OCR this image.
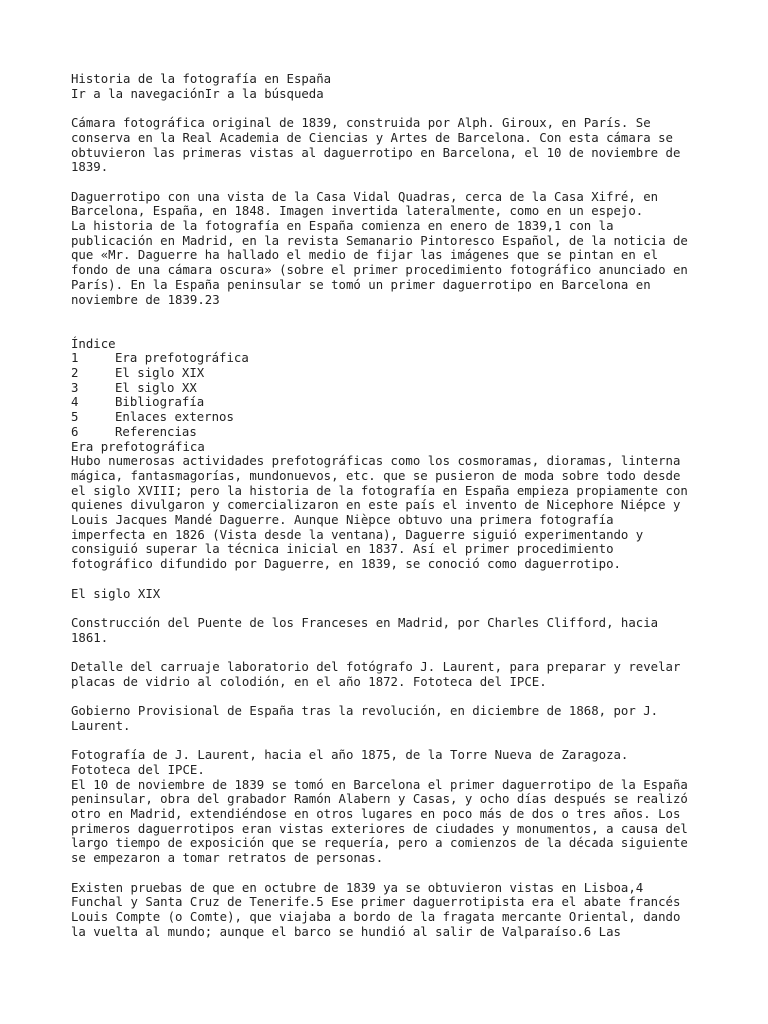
Historia de la fotografía en España
Ir a la navegaciónIr a la búsqueda
Cámara fotográfica original de 1839, construida por Alph. Giroux, en París. Se
conserva en la Real Academia de Ciencias y Artes de Barcelona. Con esta cámara se
obtuvieron las primeras vistas al daguerrotipo en Barcelona, el 10 de noviembre de
1839.
Daguerrotipo con una vista de la Casa Vidal Quadras, cerca de la Casa Xifré, en
Barcelona, España, en 1848. Imagen invertida lateralmente, como en un espejo.
La historia de la fotografía en España comienza en enero de 1839,1 con la
publicación en Madrid, en la revista Semanario Pintoresco Español, de la noticia de
que «Mr. Daguerre ha hallado el medio de fijar las imágenes que se pintan en el
fondo de una cámara oscura» (sobre el primer procedimiento fotográfico anunciado en
París). En la España peninsular se tomó un primer daguerrotipo en Barcelona en
noviembre de 1839.23
Índice
1	Era prefotográfica
2	El siglo XIX
3	El siglo XX
4	Bibliografía
5	Enlaces externos
6	Referencias
Era prefotográfica
Hubo numerosas actividades prefotográficas como los cosmoramas, dioramas, linterna
mágica, fantasmagorías, mundonuevos, etc. que se pusieron de moda sobre todo desde
el siglo XVIII; pero la historia de la fotografía en España empieza propiamente con
quienes divulgaron y comercializaron en este país el invento de Nicephore Niépce y
Louis Jacques Mandé Daguerre. Aunque Nièpce obtuvo una primera fotografía
imperfecta en 1826 (Vista desde la ventana), Daguerre siguió experimentando y
consiguió superar la técnica inicial en 1837. Así el primer procedimiento
fotográfico difundido por Daguerre, en 1839, se conoció como daguerrotipo.
El siglo XIX
Construcción del Puente de los Franceses en Madrid, por Charles Clifford, hacia
1861.
Detalle del carruaje laboratorio del fotógrafo J. Laurent, para preparar y revelar
placas de vidrio al colodión, en el año 1872. Fototeca del IPCE.
Gobierno Provisional de España tras la revolución, en diciembre de 1868, por J.
Laurent.
Fotografía de J. Laurent, hacia el año 1875, de la Torre Nueva de Zaragoza.
Fototeca del IPCE.
El 10 de noviembre de 1839 se tomó en Barcelona el primer daguerrotipo de la España
peninsular, obra del grabador Ramón Alabern y Casas, y ocho días después se realizó
otro en Madrid, extendiéndose en otros lugares en poco más de dos o tres años. Los
primeros daguerrotipos eran vistas exteriores de ciudades y monumentos, a causa del
largo tiempo de exposición que se requería, pero a comienzos de la década siguiente
se empezaron a tomar retratos de personas.
Existen pruebas de que en octubre de 1839 ya se obtuvieron vistas en Lisboa,4
Funchal y Santa Cruz de Tenerife.5 Ese primer daguerrotipista era el abate francés
Louis Compte (o Comte), que viajaba a bordo de la fragata mercante Oriental, dando
la vuelta al mundo; aunque el barco se hundió al salir de Valparaíso.6 Las
